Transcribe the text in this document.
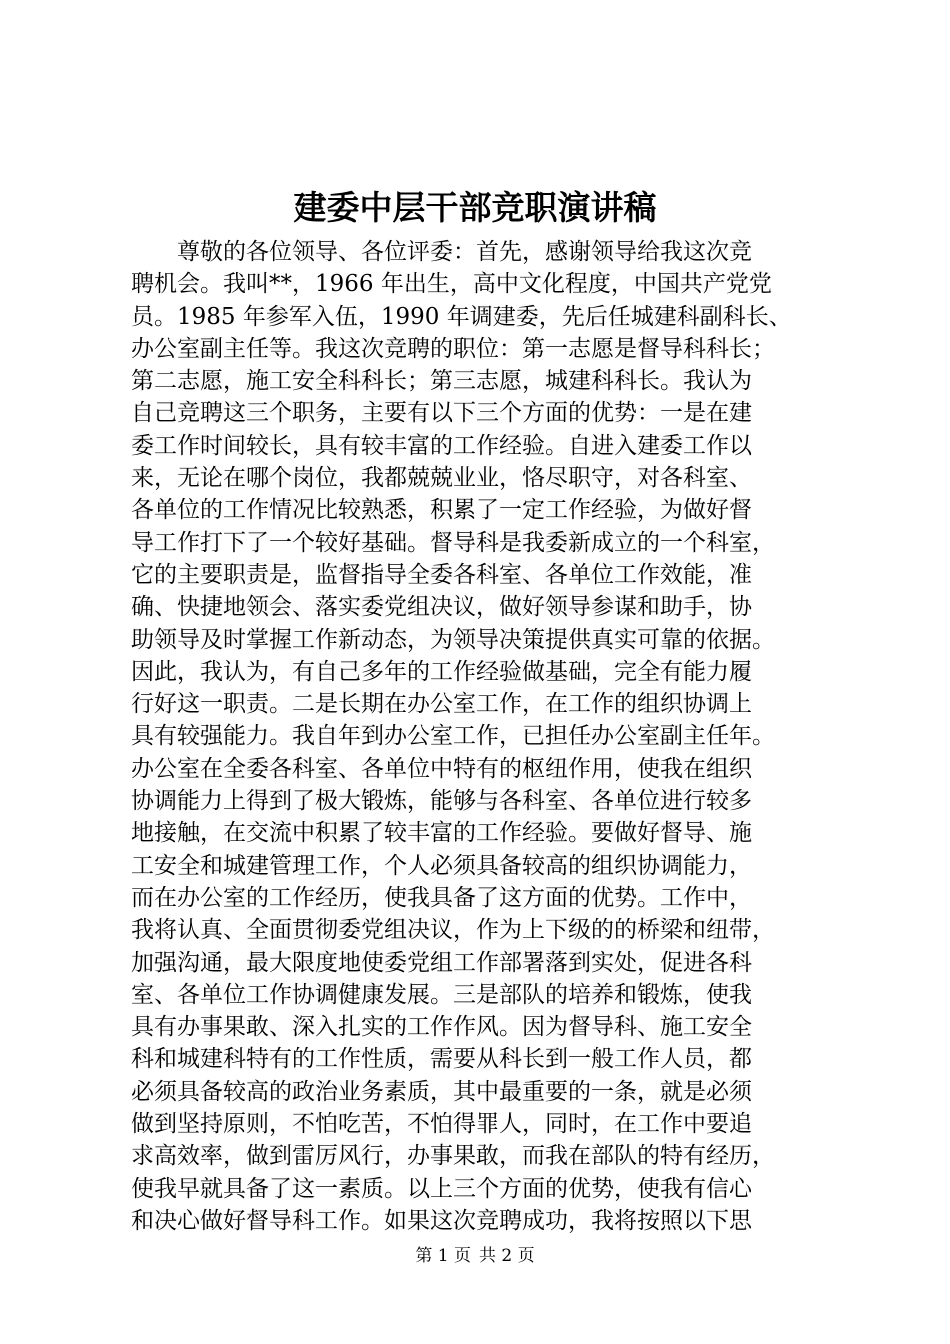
建委中层干部竞职演讲稿
尊敬的各位领导、各位评委：首先，感谢领导给我这次竞
聘机会。我叫**，1966 年出生，高中文化程度，中国共产党党
员。1985 年参军入伍，1990 年调建委，先后任城建科副科长、
办公室副主任等。我这次竞聘的职位：第一志愿是督导科科长；
第二志愿，施工安全科科长；第三志愿，城建科科长。我认为
自己竞聘这三个职务，主要有以下三个方面的优势：一是在建
委工作时间较长，具有较丰富的工作经验。自进入建委工作以
来，无论在哪个岗位，我都兢兢业业，恪尽职守，对各科室、
各单位的工作情况比较熟悉，积累了一定工作经验，为做好督
导工作打下了一个较好基础。督导科是我委新成立的一个科室，
它的主要职责是，监督指导全委各科室、各单位工作效能，准
确、快捷地领会、落实委党组决议，做好领导参谋和助手，协
助领导及时掌握工作新动态，为领导决策提供真实可靠的依据。
因此，我认为，有自己多年的工作经验做基础，完全有能力履
行好这一职责。二是长期在办公室工作，在工作的组织协调上
具有较强能力。我自年到办公室工作，已担任办公室副主任年。
办公室在全委各科室、各单位中特有的枢纽作用，使我在组织
协调能力上得到了极大锻炼，能够与各科室、各单位进行较多
地接触，在交流中积累了较丰富的工作经验。要做好督导、施
工安全和城建管理工作，个人必须具备较高的组织协调能力，
而在办公室的工作经历，使我具备了这方面的优势。工作中，
我将认真、全面贯彻委党组决议，作为上下级的的桥梁和纽带，
加强沟通，最大限度地使委党组工作部署落到实处，促进各科
室、各单位工作协调健康发展。三是部队的培养和锻炼，使我
具有办事果敢、深入扎实的工作作风。因为督导科、施工安全
科和城建科特有的工作性质，需要从科长到一般工作人员，都
必须具备较高的政治业务素质，其中最重要的一条，就是必须
做到坚持原则，不怕吃苦，不怕得罪人，同时，在工作中要追
求高效率，做到雷厉风行，办事果敢，而我在部队的特有经历，
使我早就具备了这一素质。以上三个方面的优势，使我有信心
和决心做好督导科工作。如果这次竞聘成功，我将按照以下思
第 1 页 共 2 页
